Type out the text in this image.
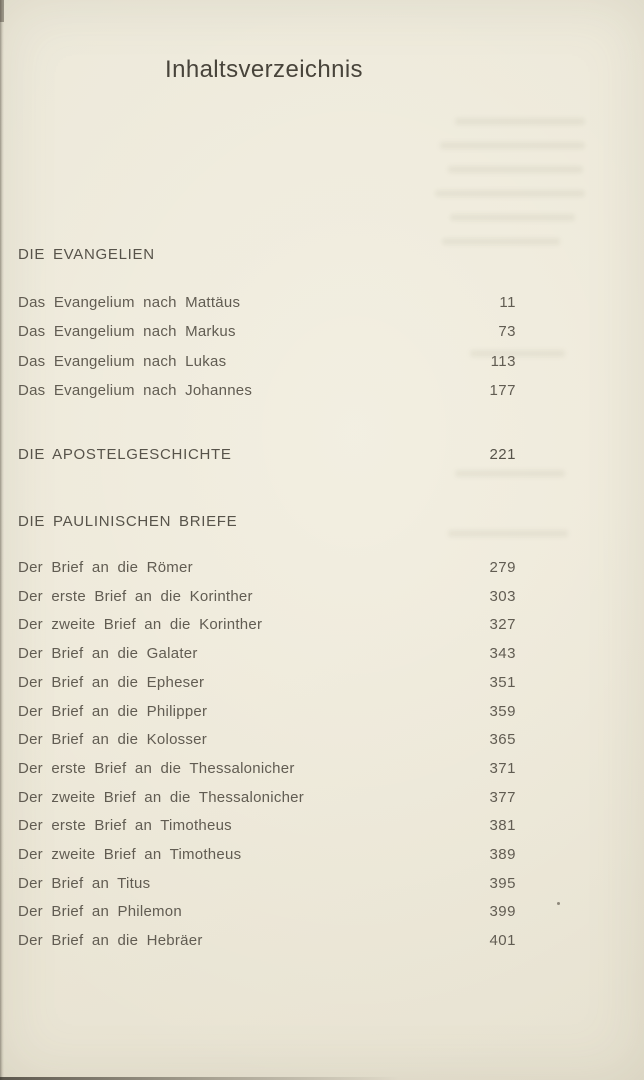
Inhaltsverzeichnis
DIE EVANGELIEN
Das Evangelium nach Mattäus	11
Das Evangelium nach Markus	73
Das Evangelium nach Lukas	113
Das Evangelium nach Johannes	177
DIE APOSTELGESCHICHTE	221
DIE PAULINISCHEN BRIEFE
Der Brief an die Römer	279
Der erste Brief an die Korinther	303
Der zweite Brief an die Korinther	327
Der Brief an die Galater	343
Der Brief an die Epheser	351
Der Brief an die Philipper	359
Der Brief an die Kolosser	365
Der erste Brief an die Thessalonicher	371
Der zweite Brief an die Thessalonicher	377
Der erste Brief an Timotheus	381
Der zweite Brief an Timotheus	389
Der Brief an Titus	395
Der Brief an Philemon	399
Der Brief an die Hebräer	401
